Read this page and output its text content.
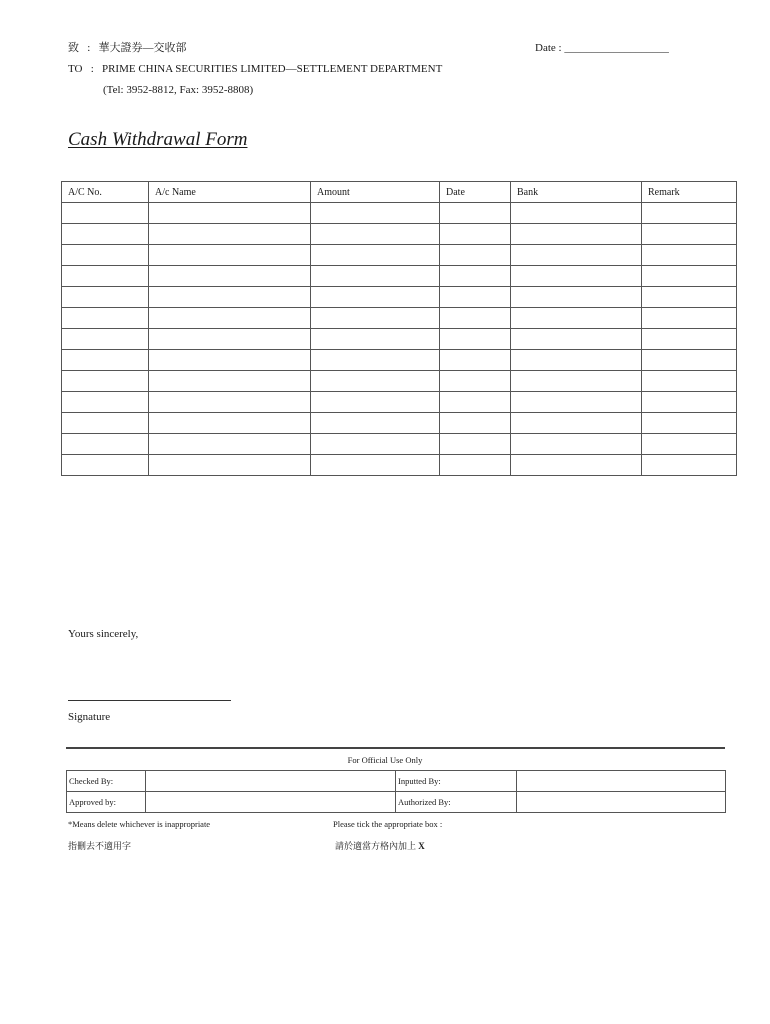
致 : 華大證券—交收部	Date : ___________________
TO : PRIME CHINA SECURITIES LIMITED—SETTLEMENT DEPARTMENT
(Tel: 3952-8812, Fax: 3952-8808)
Cash Withdrawal Form
A/C No.	A/c Name	Amount	Date	Bank	Remark

Yours sincerely,
Signature
For Official Use Only
Checked By:		Inputted By:	
Approved by:		Authorized By:	
*Means delete whichever is inappropriate
指刪去不適用字
Please tick the appropriate box :
請於適當方格內加上 X
